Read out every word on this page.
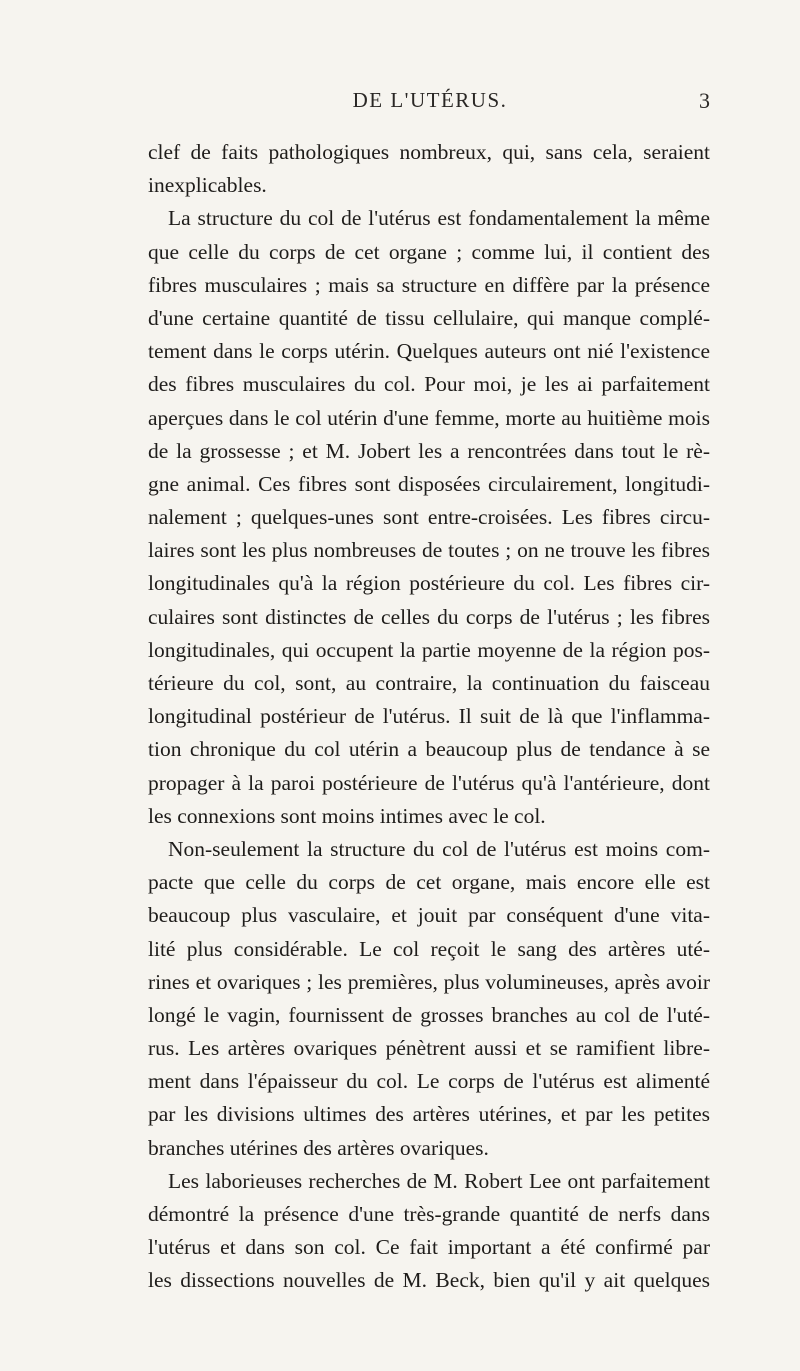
DE L'UTÉRUS.	3
clef de faits pathologiques nombreux, qui, sans cela, seraient
inexplicables.
La structure du col de l'utérus est fondamentalement la même
que celle du corps de cet organe ; comme lui, il contient des
fibres musculaires ; mais sa structure en diffère par la présence
d'une certaine quantité de tissu cellulaire, qui manque complé-
tement dans le corps utérin. Quelques auteurs ont nié l'existence
des fibres musculaires du col. Pour moi, je les ai parfaitement
aperçues dans le col utérin d'une femme, morte au huitième mois
de la grossesse ; et M. Jobert les a rencontrées dans tout le rè-
gne animal. Ces fibres sont disposées circulairement, longitudi-
nalement ; quelques-unes sont entre-croisées. Les fibres circu-
laires sont les plus nombreuses de toutes ; on ne trouve les fibres
longitudinales qu'à la région postérieure du col. Les fibres cir-
culaires sont distinctes de celles du corps de l'utérus ; les fibres
longitudinales, qui occupent la partie moyenne de la région pos-
térieure du col, sont, au contraire, la continuation du faisceau
longitudinal postérieur de l'utérus. Il suit de là que l'inflamma-
tion chronique du col utérin a beaucoup plus de tendance à se
propager à la paroi postérieure de l'utérus qu'à l'antérieure, dont
les connexions sont moins intimes avec le col.
Non-seulement la structure du col de l'utérus est moins com-
pacte que celle du corps de cet organe, mais encore elle est
beaucoup plus vasculaire, et jouit par conséquent d'une vita-
lité plus considérable. Le col reçoit le sang des artères uté-
rines et ovariques ; les premières, plus volumineuses, après avoir
longé le vagin, fournissent de grosses branches au col de l'uté-
rus. Les artères ovariques pénètrent aussi et se ramifient libre-
ment dans l'épaisseur du col. Le corps de l'utérus est alimenté
par les divisions ultimes des artères utérines, et par les petites
branches utérines des artères ovariques.
Les laborieuses recherches de M. Robert Lee ont parfaitement
démontré la présence d'une très-grande quantité de nerfs dans
l'utérus et dans son col. Ce fait important a été confirmé par
les dissections nouvelles de M. Beck, bien qu'il y ait quelques
